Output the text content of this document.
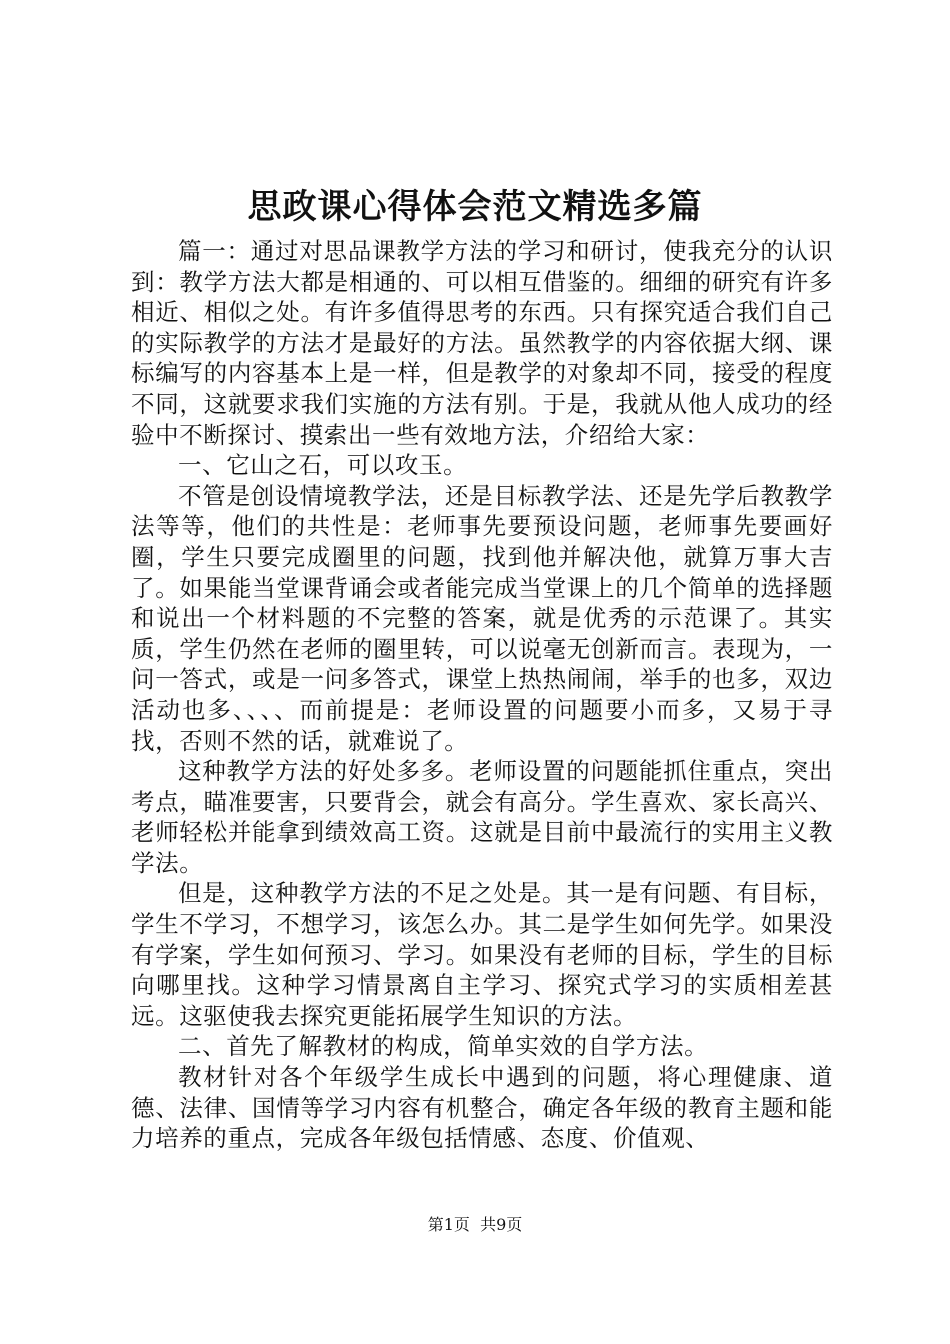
思政课心得体会范文精选多篇

篇一：通过对思品课教学方法的学习和研讨，使我充分的认识到：教学方法大都是相通的、可以相互借鉴的。细细的研究有许多相近、相似之处。有许多值得思考的东西。只有探究适合我们自己的实际教学的方法才是最好的方法。虽然教学的内容依据大纲、课标编写的内容基本上是一样，但是教学的对象却不同，接受的程度不同，这就要求我们实施的方法有别。于是，我就从他人成功的经验中不断探讨、摸索出一些有效地方法，介绍给大家：

一、它山之石，可以攻玉。

不管是创设情境教学法，还是目标教学法、还是先学后教教学法等等，他们的共性是：老师事先要预设问题，老师事先要画好圈，学生只要完成圈里的问题，找到他并解决他，就算万事大吉了。如果能当堂课背诵会或者能完成当堂课上的几个简单的选择题和说出一个材料题的不完整的答案，就是优秀的示范课了。其实质，学生仍然在老师的圈里转，可以说毫无创新而言。表现为，一问一答式，或是一问多答式，课堂上热热闹闹，举手的也多，双边活动也多、、、、而前提是：老师设置的问题要小而多，又易于寻找，否则不然的话，就难说了。

这种教学方法的好处多多。老师设置的问题能抓住重点，突出考点，瞄准要害，只要背会，就会有高分。学生喜欢、家长高兴、老师轻松并能拿到绩效高工资。这就是目前中最流行的实用主义教学法。

但是，这种教学方法的不足之处是。其一是有问题、有目标，学生不学习，不想学习，该怎么办。其二是学生如何先学。如果没有学案，学生如何预习、学习。如果没有老师的目标，学生的目标向哪里找。这种学习情景离自主学习、探究式学习的实质相差甚远。这驱使我去探究更能拓展学生知识的方法。

二、首先了解教材的构成，简单实效的自学方法。

教材针对各个年级学生成长中遇到的问题，将心理健康、道德、法律、国情等学习内容有机整合，确定各年级的教育主题和能力培养的重点，完成各年级包括情感、态度、价值观、

第1页 共9页
